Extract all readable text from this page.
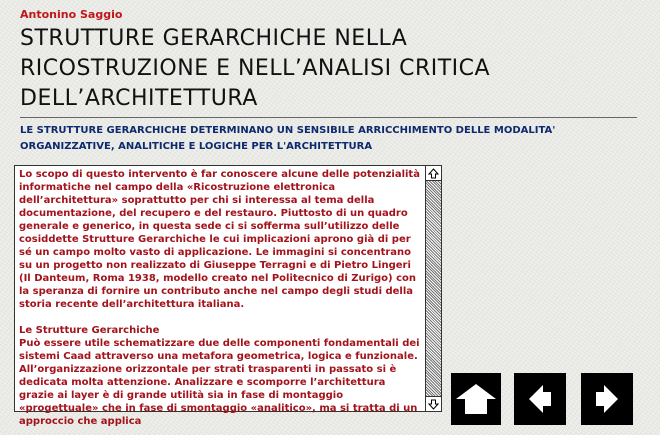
Antonino Saggio
STRUTTURE GERARCHICHE NELLA
RICOSTRUZIONE E NELL’ANALISI CRITICA
DELL’ARCHITETTURA
LE STRUTTURE GERARCHICHE DETERMINANO UN SENSIBILE ARRICCHIMENTO DELLE MODALITA'
ORGANIZZATIVE, ANALITICHE E LOGICHE PER L'ARCHITETTURA

Lo scopo di questo intervento è far conoscere alcune delle potenzialità informatiche nel campo della «Ricostruzione elettronica dell’architettura» soprattutto per chi si interessa al tema della documentazione, del recupero e del restauro. Piuttosto di un quadro generale e generico, in questa sede ci si sofferma sull’utilizzo delle cosiddette Strutture Gerarchiche le cui implicazioni aprono già di per sé un campo molto vasto di applicazione. Le immagini si concentrano su un progetto non realizzato di Giuseppe Terragni e di Pietro Lingeri (Il Danteum, Roma 1938, modello creato nel Politecnico di Zurigo) con la speranza di fornire un contributo anche nel campo degli studi della storia recente dell’architettura italiana.

Le Strutture Gerarchiche

Può essere utile schematizzare due delle componenti fondamentali dei sistemi Caad attraverso una metafora geometrica, logica e funzionale. All’organizzazione orizzontale per strati trasparenti in passato si è dedicata molta attenzione. Analizzare e scomporre l’architettura grazie ai layer è di grande utilità sia in fase di montaggio «progettuale» che in fase di smontaggio «analitico», ma si tratta di un approccio che applica
